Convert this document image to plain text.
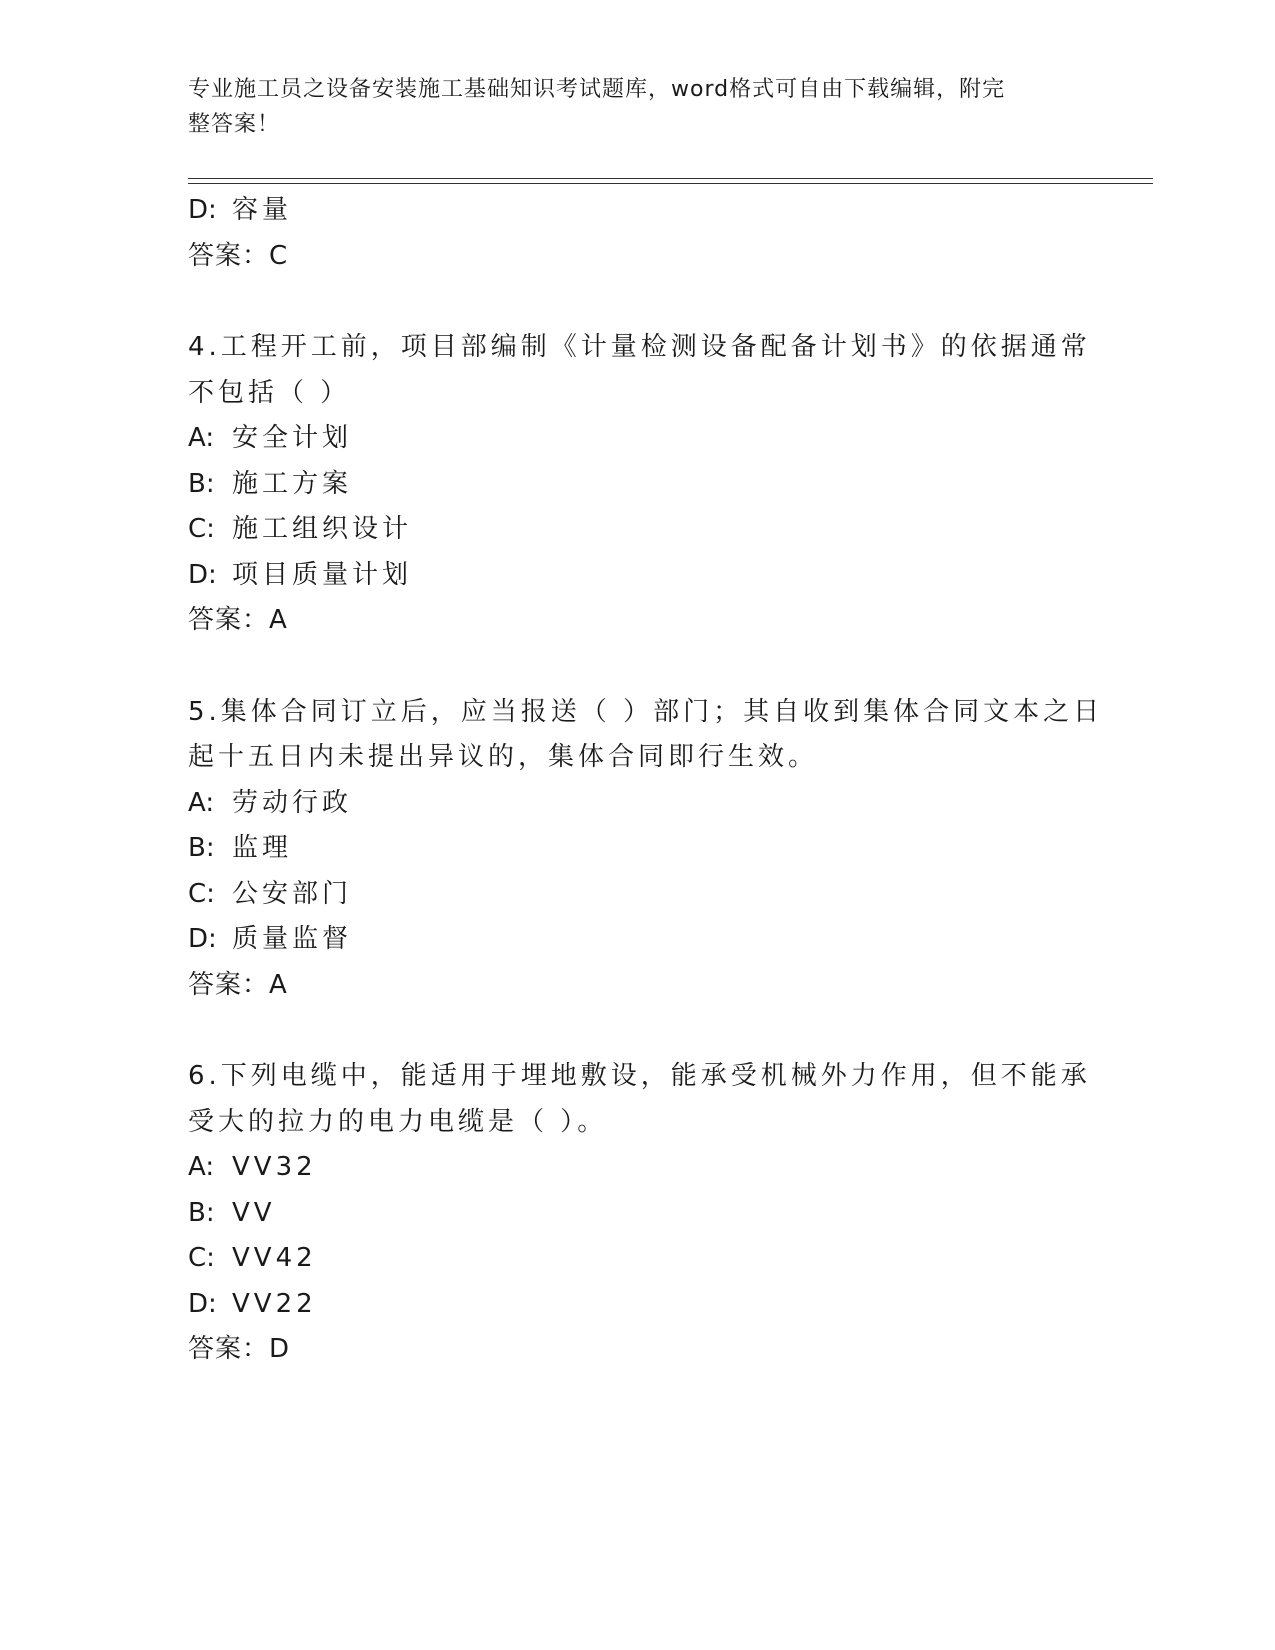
专业施工员之设备安装施工基础知识考试题库，word格式可自由下载编辑，附完
整答案！
D: 容量
答案：C
4.工程开工前，项目部编制《计量检测设备配备计划书》的依据通常
不包括（ ）
A: 安全计划
B: 施工方案
C: 施工组织设计
D: 项目质量计划
答案：A
5.集体合同订立后，应当报送（ ）部门；其自收到集体合同文本之日
起十五日内未提出异议的，集体合同即行生效。
A: 劳动行政
B: 监理
C: 公安部门
D: 质量监督
答案：A
6.下列电缆中，能适用于埋地敷设，能承受机械外力作用，但不能承
受大的拉力的电力电缆是（ ）。
A: VV32
B: VV
C: VV42
D: VV22
答案：D
